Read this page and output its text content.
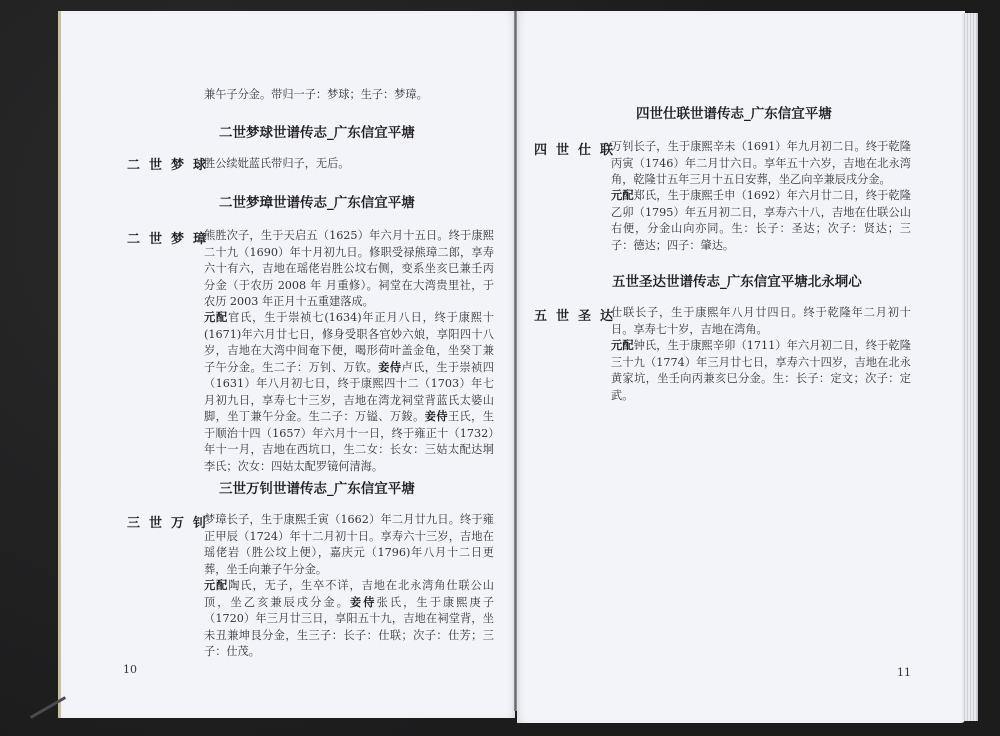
兼午子分金。带归一子：梦球；生子：梦璋。
二世梦球世谱传志_广东信宜平塘
二世梦球
胜公续妣蓝氏带归子，无后。
二世梦璋世谱传志_广东信宜平塘
二世梦璋
熊胜次子，生于天启五（1625）年六月十五日。终于康熙二十九（1690）年十月初九日。修职受禄熊璋二郎，享寿六十有六，吉地在瑶佬岩胜公坟右侧，变系坐亥巳兼壬丙分金（于农历 2008 年 月重修）。祠堂在大湾贵里社，于农历 2003 年正月十五重建落成。
元配官氏，生于崇祯七(1634)年正月八日，终于康熙十(1671)年六月廿七日，修身受职各官妙六娘，享阳四十八岁，吉地在大湾中间奄下便，喝形荷叶盖金龟，坐癸丁兼子午分金。生二子：万钊、万钦。妾侍卢氏，生于崇祯四（1631）年八月初七日，终于康熙四十二（1703）年七月初九日，享寿七十三岁，吉地在湾龙祠堂背蓝氏太婆山脚，坐丁兼午分金。生二子：万镒、万鋑。妾侍王氏，生于顺治十四（1657）年六月十一日，终于雍正十（1732）年十一月，吉地在西坑口，生二女：长女：三姑太配达垌李氏；次女：四姑太配罗镜何清海。
三世万钊世谱传志_广东信宜平塘
三世万钊
梦璋长子，生于康熙壬寅（1662）年二月廿九日。终于雍正甲辰（1724）年十二月初十日。享寿六十三岁，吉地在瑶佬岩（胜公坟上便），嘉庆元（1796)年八月十二日更葬，坐壬向兼子午分金。
元配陶氏，无子，生卒不详，吉地在北永湾角仕联公山顶，坐乙亥兼辰戌分金。妾侍张氏，生于康熙庚子（1720）年三月廿三日，享阳五十九，吉地在祠堂背，坐未丑兼坤艮分金，生三子：长子：仕联；次子：仕芳；三子：仕茂。
10
四世仕联世谱传志_广东信宜平塘
四世仕联
万钊长子，生于康熙辛未（1691）年九月初二日。终于乾隆丙寅（1746）年二月廿六日。享年五十六岁，吉地在北永湾角，乾隆廿五年三月十五日安葬，坐乙向辛兼辰戌分金。
元配郑氏，生于康熙壬申（1692）年六月廿二日，终于乾隆乙卯（1795）年五月初二日，享寿六十八，吉地在仕联公山右便，分金山向亦同。生：长子：圣达；次子：贤达；三子：德达；四子：肇达。
五世圣达世谱传志_广东信宜平塘北永垌心
五世圣达
仕联长子，生于康熙年八月廿四日。终于乾隆年二月初十日。享寿七十岁，吉地在湾角。
元配钟氏，生于康熙辛卯（1711）年六月初二日，终于乾隆三十九（1774）年三月廿七日，享寿六十四岁，吉地在北永黄家坑，坐壬向丙兼亥巳分金。生：长子：定文；次子：定武。
11
